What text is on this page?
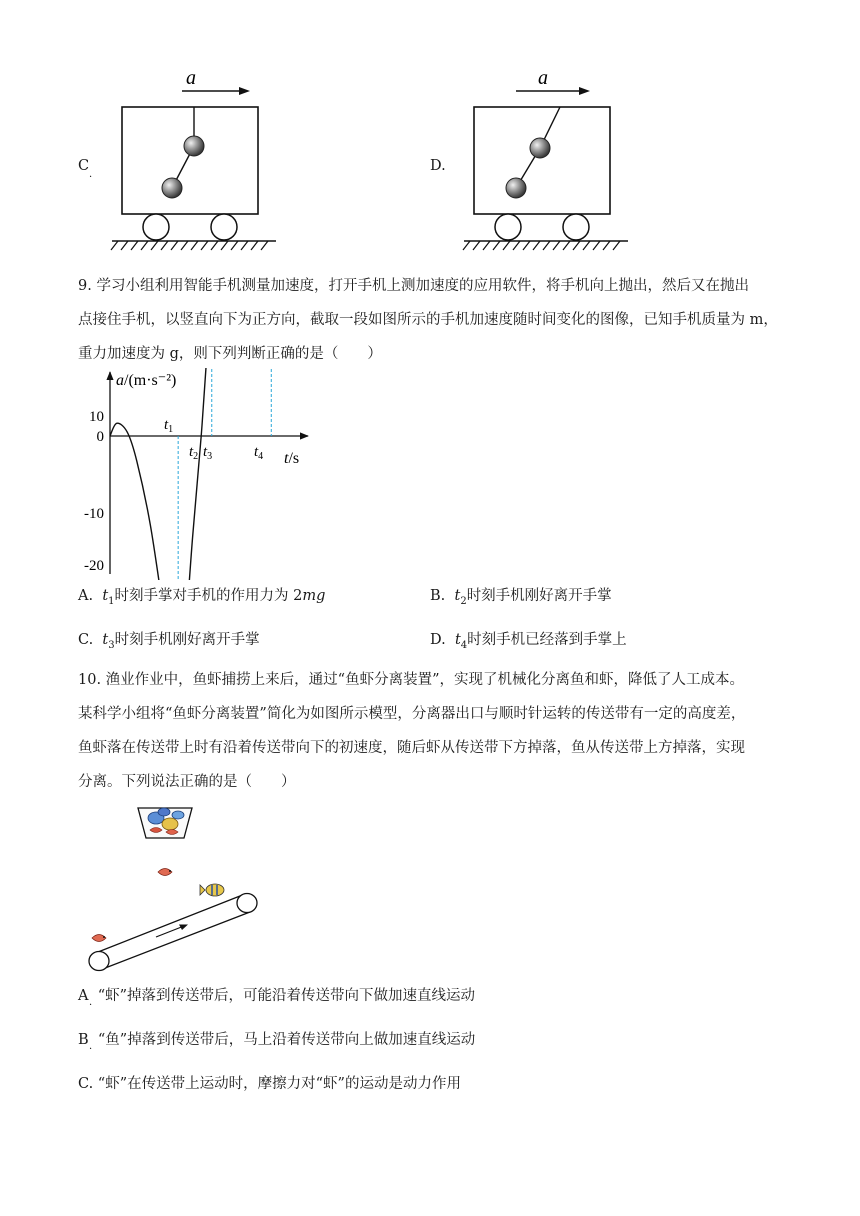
C
·
a
D.
a
9. 学习小组利用智能手机测量加速度，打开手机上测加速度的应用软件，将手机向上抛出，然后又在抛出
点接住手机，以竖直向下为正方向，截取一段如图所示的手机加速度随时间变化的图像，已知手机质量为 m，
重力加速度为 g，则下列判断正确的是（　　）
a/(m·s⁻²)
t/s
10
0
-10
-20
$t_1$
$t_2$ $t_3$	$t_4$
A. $t_1$时刻手掌对手机的作用力为 2mg	B. $t_2$时刻手机刚好离开手掌
C. $t_3$时刻手机刚好离开手掌	D. $t_4$时刻手机已经落到手掌上
10. 渔业作业中，鱼虾捕捞上来后，通过“鱼虾分离装置”，实现了机械化分离鱼和虾，降低了人工成本。
某科学小组将“鱼虾分离装置”简化为如图所示模型，分离器出口与顺时针运转的传送带有一定的高度差，
鱼虾落在传送带上时有沿着传送带向下的初速度，随后虾从传送带下方掉落，鱼从传送带上方掉落，实现
分离。下列说法正确的是（　　）
A “虾”掉落到传送带后，可能沿着传送带向下做加速直线运动
·
B “鱼”掉落到传送带后，马上沿着传送带向上做加速直线运动
·
C. “虾”在传送带上运动时，摩擦力对“虾”的运动是动力作用
